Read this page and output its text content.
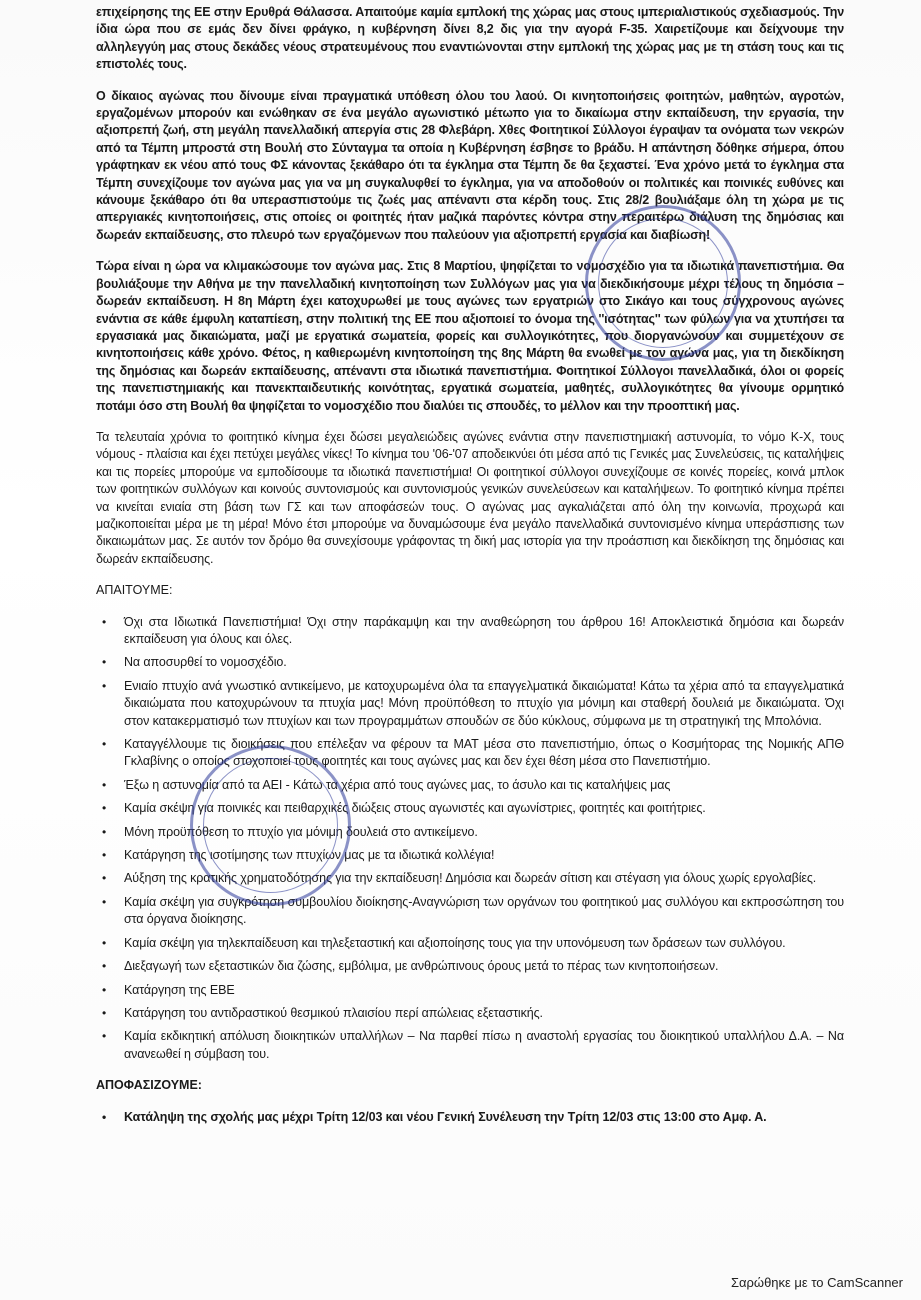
επιχείρησης της ΕΕ στην Ερυθρά Θάλασσα. Απαιτούμε καμία εμπλοκή της χώρας μας στους ιμπεριαλιστικούς σχεδιασμούς. Την ίδια ώρα που σε εμάς δεν δίνει φράγκο, η κυβέρνηση δίνει 8,2 δις για την αγορά F-35. Χαιρετίζουμε και δείχνουμε την αλληλεγγύη μας στους δεκάδες νέους στρατευμένους που εναντιώνονται στην εμπλοκή της χώρας μας με τη στάση τους και τις επιστολές τους.

Ο δίκαιος αγώνας που δίνουμε είναι πραγματικά υπόθεση όλου του λαού. Οι κινητοποιήσεις φοιτητών, μαθητών, αγροτών, εργαζομένων μπορούν και ενώθηκαν σε ένα μεγάλο αγωνιστικό μέτωπο για το δικαίωμα στην εκπαίδευση, την εργασία, την αξιοπρεπή ζωή, στη μεγάλη πανελλαδική απεργία στις 28 Φλεβάρη. Χθες Φοιτητικοί Σύλλογοι έγραψαν τα ονόματα των νεκρών από τα Τέμπη μπροστά στη Βουλή στο Σύνταγμα τα οποία η Κυβέρνηση έσβησε το βράδυ. Η απάντηση δόθηκε σήμερα, όπου γράφτηκαν εκ νέου από τους ΦΣ κάνοντας ξεκάθαρο ότι τα έγκλημα στα Τέμπη δε θα ξεχαστεί. Ένα χρόνο μετά το έγκλημα στα Τέμπη συνεχίζουμε τον αγώνα μας για να μη συγκαλυφθεί το έγκλημα, για να αποδοθούν οι πολιτικές και ποινικές ευθύνες και κάνουμε ξεκάθαρο ότι θα υπερασπιστούμε τις ζωές μας απέναντι στα κέρδη τους. Στις 28/2 βουλιάξαμε όλη τη χώρα με τις απεργιακές κινητοποιήσεις, στις οποίες οι φοιτητές ήταν μαζικά παρόντες κόντρα στην περαιτέρω διάλυση της δημόσιας και δωρεάν εκπαίδευσης, στο πλευρό των εργαζόμενων που παλεύουν για αξιοπρεπή εργασία και διαβίωση!

Τώρα είναι η ώρα να κλιμακώσουμε τον αγώνα μας. Στις 8 Μαρτίου, ψηφίζεται το νομοσχέδιο για τα ιδιωτικά πανεπιστήμια. Θα βουλιάξουμε την Αθήνα με την πανελλαδική κινητοποίηση των Συλλόγων μας για να διεκδικήσουμε μέχρι τέλους τη δημόσια – δωρεάν εκπαίδευση. Η 8η Μάρτη έχει κατοχυρωθεί με τους αγώνες των εργατριών στο Σικάγο και τους σύγχρονους αγώνες ενάντια σε κάθε έμφυλη καταπίεση, στην πολιτική της ΕΕ που αξιοποιεί το όνομα της ''ισότητας'' των φύλων για να χτυπήσει τα εργασιακά μας δικαιώματα, μαζί με εργατικά σωματεία, φορείς και συλλογικότητες, που διοργανώνουν και συμμετέχουν σε κινητοποιήσεις κάθε χρόνο. Φέτος, η καθιερωμένη κινητοποίηση της 8ης Μάρτη θα ενωθεί με τον αγώνα μας, για τη διεκδίκηση της δημόσιας και δωρεάν εκπαίδευσης, απέναντι στα ιδιωτικά πανεπιστήμια. Φοιτητικοί Σύλλογοι πανελλαδικά, όλοι οι φορείς της πανεπιστημιακής και πανεκπαιδευτικής κοινότητας, εργατικά σωματεία, μαθητές, συλλογικότητες θα γίνουμε ορμητικό ποτάμι όσο στη Βουλή θα ψηφίζεται το νομοσχέδιο που διαλύει τις σπουδές, το μέλλον και την προοπτική μας.

Τα τελευταία χρόνια το φοιτητικό κίνημα έχει δώσει μεγαλειώδεις αγώνες ενάντια στην πανεπιστημιακή αστυνομία, το νόμο Κ-Χ, τους νόμους - πλαίσια και έχει πετύχει μεγάλες νίκες! Το κίνημα του '06-'07 αποδεικνύει ότι μέσα από τις Γενικές μας Συνελεύσεις, τις καταλήψεις και τις πορείες μπορούμε να εμποδίσουμε τα ιδιωτικά πανεπιστήμια! Οι φοιτητικοί σύλλογοι συνεχίζουμε σε κοινές πορείες, κοινά μπλοκ των φοιτητικών συλλόγων και κοινούς συντονισμούς και συντονισμούς γενικών συνελεύσεων και καταλήψεων. Το φοιτητικό κίνημα πρέπει να κινείται ενιαία στη βάση των ΓΣ και των αποφάσεών τους. Ο αγώνας μας αγκαλιάζεται από όλη την κοινωνία, προχωρά και μαζικοποιείται μέρα με τη μέρα! Μόνο έτσι μπορούμε να δυναμώσουμε ένα μεγάλο πανελλαδικά συντονισμένο κίνημα υπεράσπισης των δικαιωμάτων μας. Σε αυτόν τον δρόμο θα συνεχίσουμε γράφοντας τη δική μας ιστορία για την προάσπιση και διεκδίκηση της δημόσιας και δωρεάν εκπαίδευσης.

ΑΠΑΙΤΟΥΜΕ:

• Όχι στα Ιδιωτικά Πανεπιστήμια! Όχι στην παράκαμψη και την αναθεώρηση του άρθρου 16! Αποκλειστικά δημόσια και δωρεάν εκπαίδευση για όλους και όλες.
• Να αποσυρθεί το νομοσχέδιο.
• Ενιαίο πτυχίο ανά γνωστικό αντικείμενο, με κατοχυρωμένα όλα τα επαγγελματικά δικαιώματα! Κάτω τα χέρια από τα επαγγελματικά δικαιώματα που κατοχυρώνουν τα πτυχία μας! Μόνη προϋπόθεση το πτυχίο για μόνιμη και σταθερή δουλειά με δικαιώματα. Όχι στον κατακερματισμό των πτυχίων και των προγραμμάτων σπουδών σε δύο κύκλους, σύμφωνα με τη στρατηγική της Μπολόνια.
• Καταγγέλλουμε τις διοικήσεις που επέλεξαν να φέρουν τα ΜΑΤ μέσα στο πανεπιστήμιο, όπως ο Κοσμήτορας της Νομικής ΑΠΘ Γκλαβίνης ο οποίος στοχοποιεί τους φοιτητές και τους αγώνες μας και δεν έχει θέση μέσα στο Πανεπιστήμιο.
• Έξω η αστυνομία από τα ΑΕΙ - Κάτω τα χέρια από τους αγώνες μας, το άσυλο και τις καταλήψεις μας
• Καμία σκέψη για ποινικές και πειθαρχικές διώξεις στους αγωνιστές και αγωνίστριες, φοιτητές και φοιτήτριες.
• Μόνη προϋπόθεση το πτυχίο για μόνιμη δουλειά στο αντικείμενο.
• Κατάργηση της ισοτίμησης των πτυχίων μας με τα ιδιωτικά κολλέγια!
• Αύξηση της κρατικής χρηματοδότησης για την εκπαίδευση! Δημόσια και δωρεάν σίτιση και στέγαση για όλους χωρίς εργολαβίες.
• Καμία σκέψη για συγκρότηση συμβουλίου διοίκησης-Αναγνώριση των οργάνων του φοιτητικού μας συλλόγου και εκπροσώπηση του στα όργανα διοίκησης.
• Καμία σκέψη για τηλεκπαίδευση και τηλεξεταστική και αξιοποίησης τους για την υπονόμευση των δράσεων των συλλόγου.
• Διεξαγωγή των εξεταστικών δια ζώσης, εμβόλιμα, με ανθρώπινους όρους μετά το πέρας των κινητοποιήσεων.
• Κατάργηση της ΕΒΕ
• Κατάργηση του αντιδραστικού θεσμικού πλαισίου περί απώλειας εξεταστικής.
• Καμία εκδικητική απόλυση διοικητικών υπαλλήλων – Να παρθεί πίσω η αναστολή εργασίας του διοικητικού υπαλλήλου Δ.Α. – Να ανανεωθεί η σύμβαση του.

ΑΠΟΦΑΣΙΖΟΥΜΕ:

• Κατάληψη της σχολής μας μέχρι Τρίτη 12/03 και νέου Γενική Συνέλευση την Τρίτη 12/03 στις 13:00 στο Αμφ. Α.
Σαρώθηκε με το CamScanner
